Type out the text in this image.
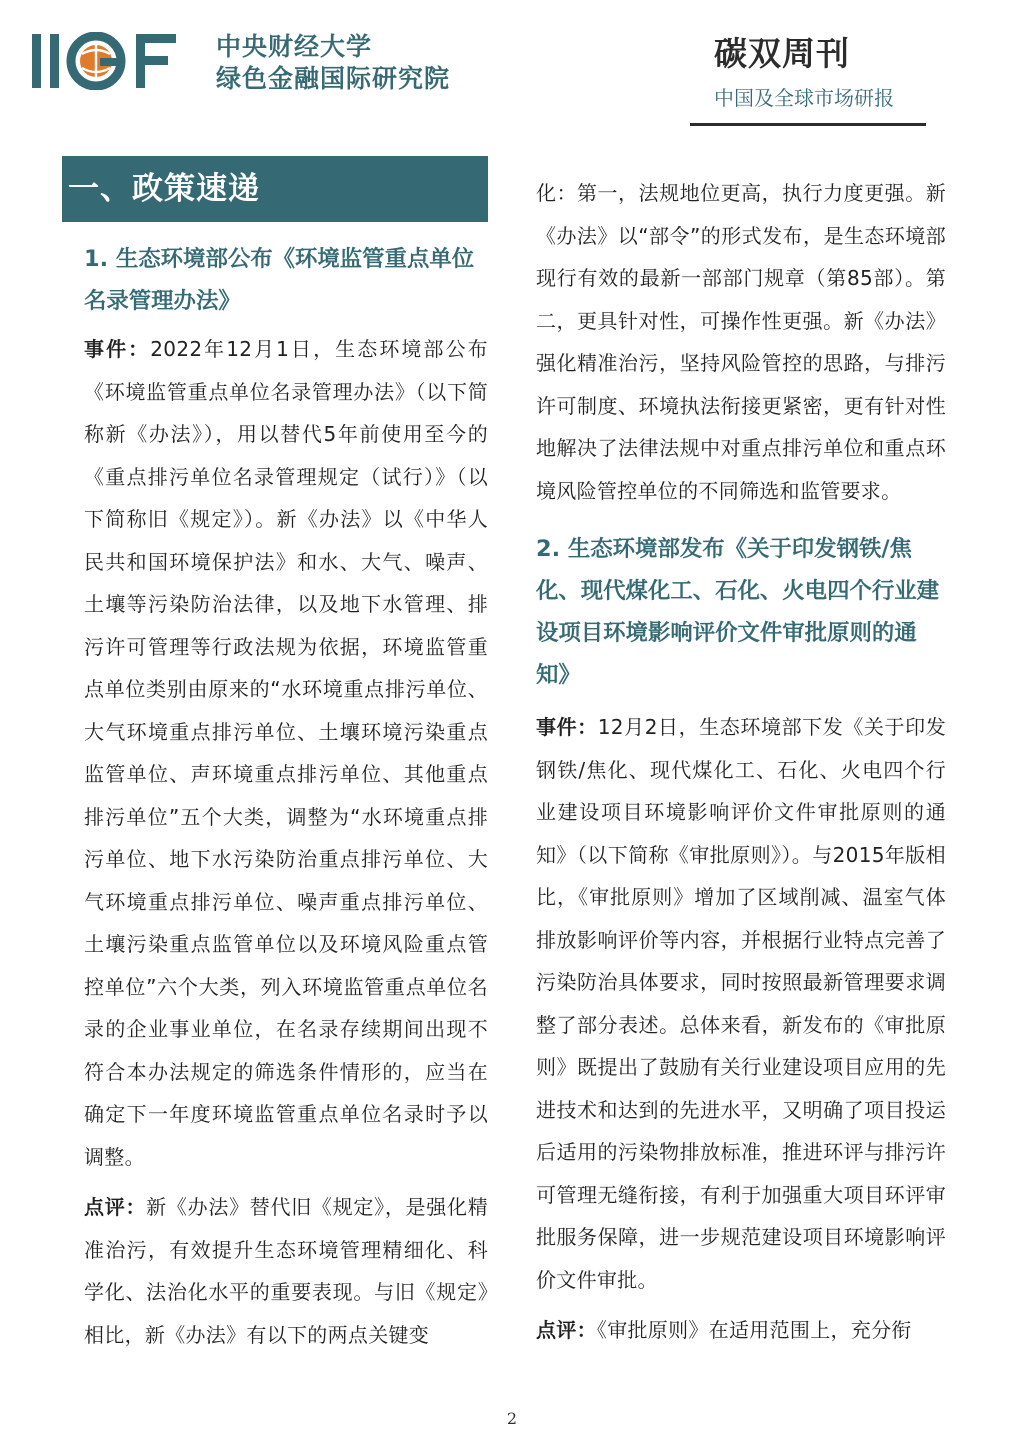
中央财经大学
绿色金融国际研究院
碳双周刊
中国及全球市场研报
一、政策速递
1. 生态环境部公布《环境监管重点单位名录管理办法》

事件：2022年12月1日，生态环境部公布《环境监管重点单位名录管理办法》（以下简称新《办法》），用以替代5年前使用至今的《重点排污单位名录管理规定（试行）》（以下简称旧《规定》）。新《办法》以《中华人民共和国环境保护法》和水、大气、噪声、土壤等污染防治法律，以及地下水管理、排污许可管理等行政法规为依据，环境监管重点单位类别由原来的“水环境重点排污单位、大气环境重点排污单位、土壤环境污染重点监管单位、声环境重点排污单位、其他重点排污单位”五个大类，调整为“水环境重点排污单位、地下水污染防治重点排污单位、大气环境重点排污单位、噪声重点排污单位、土壤污染重点监管单位以及环境风险重点管控单位”六个大类，列入环境监管重点单位名录的企业事业单位，在名录存续期间出现不符合本办法规定的筛选条件情形的，应当在确定下一年度环境监管重点单位名录时予以调整。

点评：新《办法》替代旧《规定》，是强化精准治污，有效提升生态环境管理精细化、科学化、法治化水平的重要表现。与旧《规定》相比，新《办法》有以下的两点关键变

化：第一，法规地位更高，执行力度更强。新《办法》以“部令”的形式发布，是生态环境部现行有效的最新一部部门规章（第85部）。第二，更具针对性，可操作性更强。新《办法》强化精准治污，坚持风险管控的思路，与排污许可制度、环境执法衔接更紧密，更有针对性地解决了法律法规中对重点排污单位和重点环境风险管控单位的不同筛选和监管要求。

2. 生态环境部发布《关于印发钢铁/焦化、现代煤化工、石化、火电四个行业建设项目环境影响评价文件审批原则的通知》

事件：12月2日，生态环境部下发《关于印发钢铁/焦化、现代煤化工、石化、火电四个行业建设项目环境影响评价文件审批原则的通知》（以下简称《审批原则》）。与2015年版相比，《审批原则》增加了区域削减、温室气体排放影响评价等内容，并根据行业特点完善了污染防治具体要求，同时按照最新管理要求调整了部分表述。总体来看，新发布的《审批原则》既提出了鼓励有关行业建设项目应用的先进技术和达到的先进水平，又明确了项目投运后适用的污染物排放标准，推进环评与排污许可管理无缝衔接，有利于加强重大项目环评审批服务保障，进一步规范建设项目环境影响评价文件审批。

点评：《审批原则》在适用范围上，充分衔

2
